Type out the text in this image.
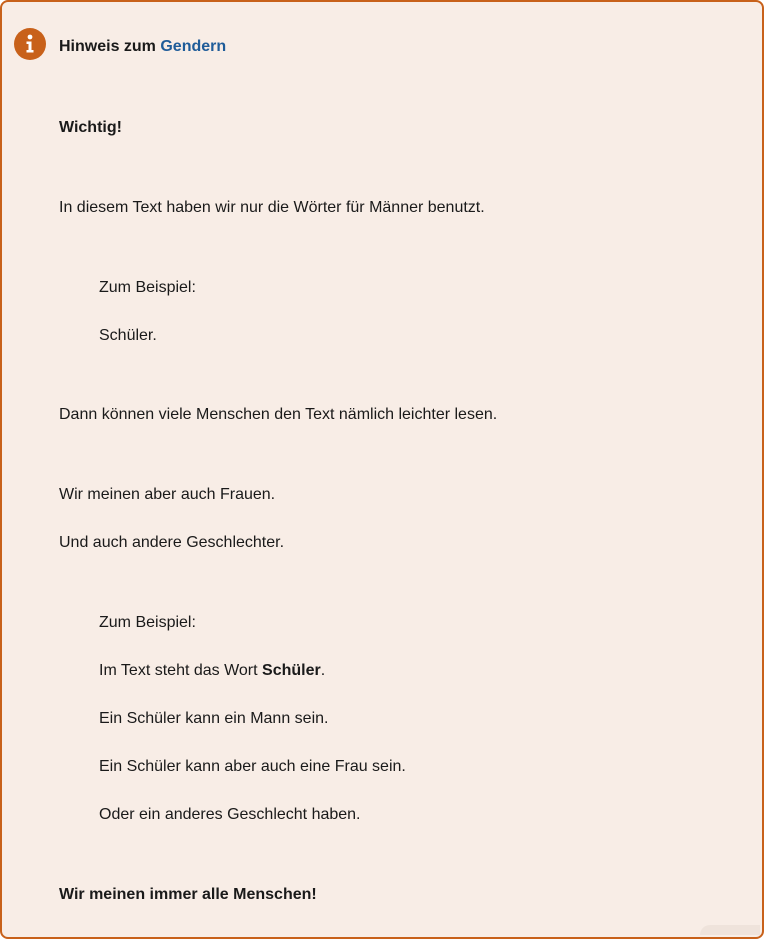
Hinweis zum Gendern
Wichtig!
In diesem Text haben wir nur die Wörter für Männer benutzt.
Zum Beispiel:
Schüler.
Dann können viele Menschen den Text nämlich leichter lesen.
Wir meinen aber auch Frauen.
Und auch andere Geschlechter.
Zum Beispiel:
Im Text steht das Wort Schüler.
Ein Schüler kann ein Mann sein.
Ein Schüler kann aber auch eine Frau sein.
Oder ein anderes Geschlecht haben.
Wir meinen immer alle Menschen!
